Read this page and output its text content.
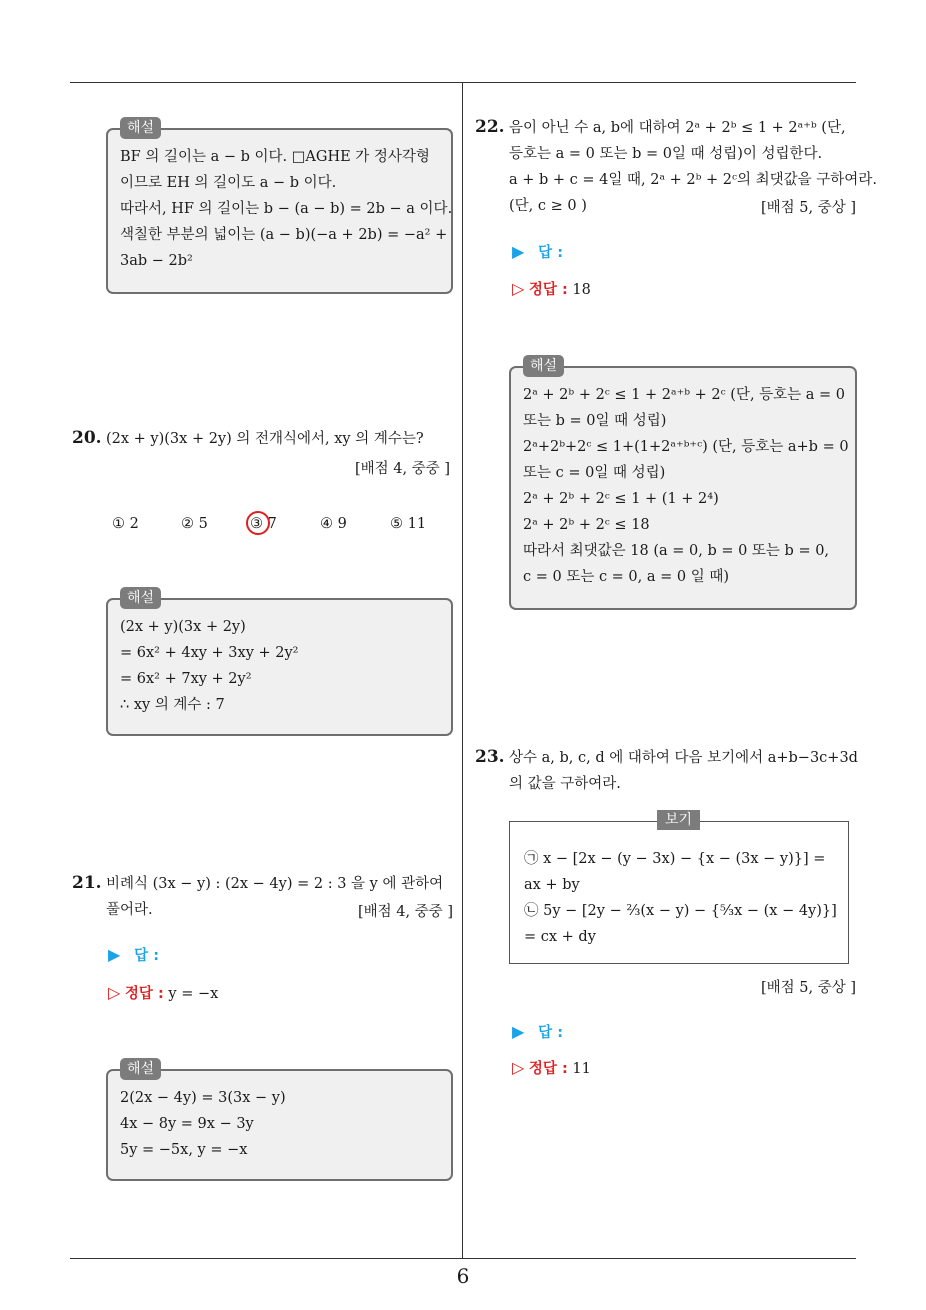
6
해설
BF 의 길이는 a − b 이다. □AGHE 가 정사각형
이므로 EH 의 길이도 a − b 이다.
따라서, HF 의 길이는 b − (a − b) = 2b − a 이다.
색칠한 부분의 넓이는 (a − b)(−a + 2b) = −a² +
3ab − 2b²
20. (2x + y)(3x + 2y) 의 전개식에서, xy 의 계수는?
[배점 4, 중중 ]
① 2	② 5	③ 7	④ 9	⑤ 11
해설
(2x + y)(3x + 2y)
= 6x² + 4xy + 3xy + 2y²
= 6x² + 7xy + 2y²
∴ xy 의 계수 : 7
21. 비례식 (3x − y) : (2x − 4y) = 2 : 3 을 y 에 관하여
풀어라.	[배점 4, 중중 ]
▶ 답 :
▷ 정답 : y = −x
해설
2(2x − 4y) = 3(3x − y)
4x − 8y = 9x − 3y
5y = −5x, y = −x
22. 음이 아닌 수 a, b에 대하여 2ᵃ + 2ᵇ ≤ 1 + 2ᵃ⁺ᵇ (단,
등호는 a = 0 또는 b = 0일 때 성립)이 성립한다.
a + b + c = 4일 때, 2ᵃ + 2ᵇ + 2ᶜ의 최댓값을 구하여라.
(단, c ≥ 0 )	[배점 5, 중상 ]
▶ 답 :
▷ 정답 : 18
해설
2ᵃ + 2ᵇ + 2ᶜ ≤ 1 + 2ᵃ⁺ᵇ + 2ᶜ (단, 등호는 a = 0
또는 b = 0일 때 성립)
2ᵃ+2ᵇ+2ᶜ ≤ 1+(1+2ᵃ⁺ᵇ⁺ᶜ) (단, 등호는 a+b = 0
또는 c = 0일 때 성립)
2ᵃ + 2ᵇ + 2ᶜ ≤ 1 + (1 + 2⁴)
2ᵃ + 2ᵇ + 2ᶜ ≤ 18
따라서 최댓값은 18 (a = 0, b = 0 또는 b = 0,
c = 0 또는 c = 0, a = 0 일 때)
23. 상수 a, b, c, d 에 대하여 다음 보기에서 a+b−3c+3d
의 값을 구하여라.
보기
㉠ x − [2x − (y − 3x) − {x − (3x − y)}] =
ax + by
㉡ 5y − [2y − ⅔(x − y) − {⁵⁄₃x − (x − 4y)}]
= cx + dy
[배점 5, 중상 ]
▶ 답 :
▷ 정답 : 11
